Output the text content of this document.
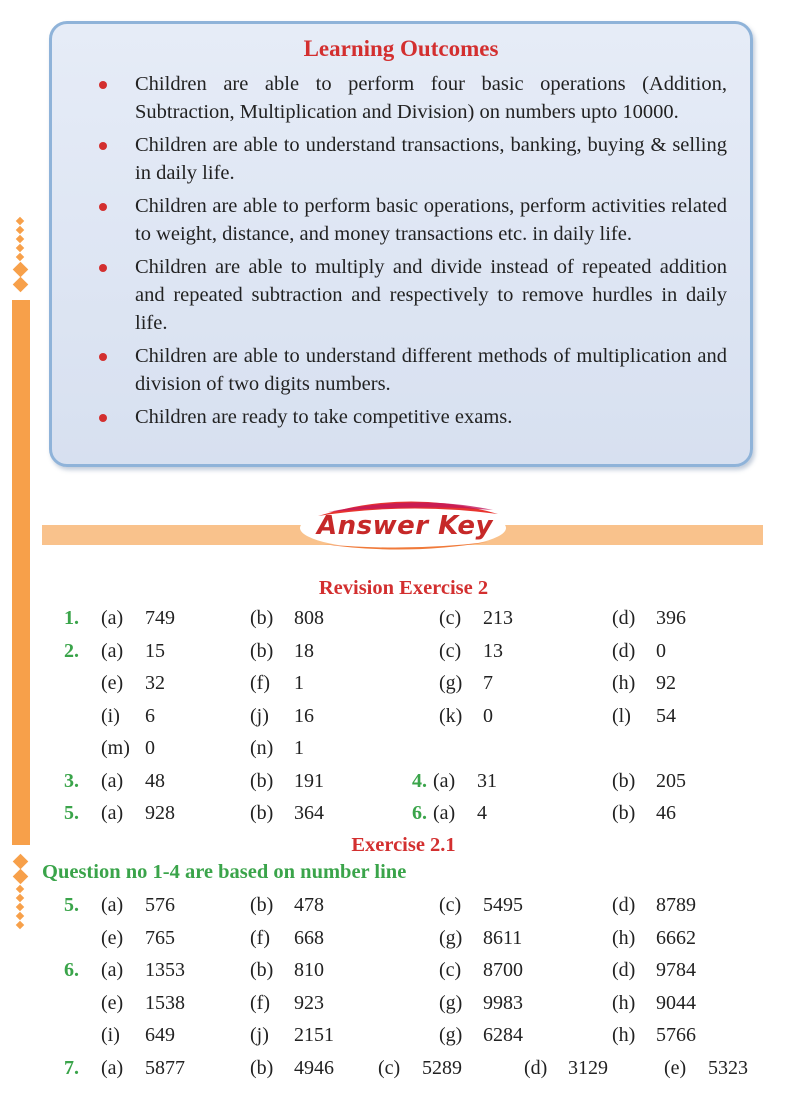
Learning Outcomes
Children are able to perform four basic operations (Addition, Subtraction, Multiplication and Division) on numbers upto 10000.
Children are able to understand transactions, banking, buying & selling in daily life.
Children are able to perform basic operations, perform activities related to weight, distance, and money transactions etc. in daily life.
Children are able to multiply and divide instead of repeated addition and repeated subtraction and respectively to remove hurdles in daily life.
Children are able to understand different methods of multiplication and division of two digits numbers.
Children are ready to take competitive exams.
Answer Key
Revision Exercise 2
1. (a) 749	(b) 808	(c) 213	(d) 396
2. (a) 15	(b) 18	(c) 13	(d) 0
(e) 32	(f) 1	(g) 7	(h) 92
(i) 6	(j) 16	(k) 0	(l) 54
(m) 0	(n) 1
3. (a) 48	(b) 191	4. (a) 31	(b) 205
5. (a) 928	(b) 364	6. (a) 4	(b) 46
Exercise 2.1
Question no 1-4 are based on number line
5. (a) 576	(b) 478	(c) 5495	(d) 8789
(e) 765	(f) 668	(g) 8611	(h) 6662
6. (a) 1353	(b) 810	(c) 8700	(d) 9784
(e) 1538	(f) 923	(g) 9983	(h) 9044
(i) 649	(j) 2151	(g) 6284	(h) 5766
7. (a) 5877	(b) 4946 (c) 5289	(d) 3129	(e) 5323
